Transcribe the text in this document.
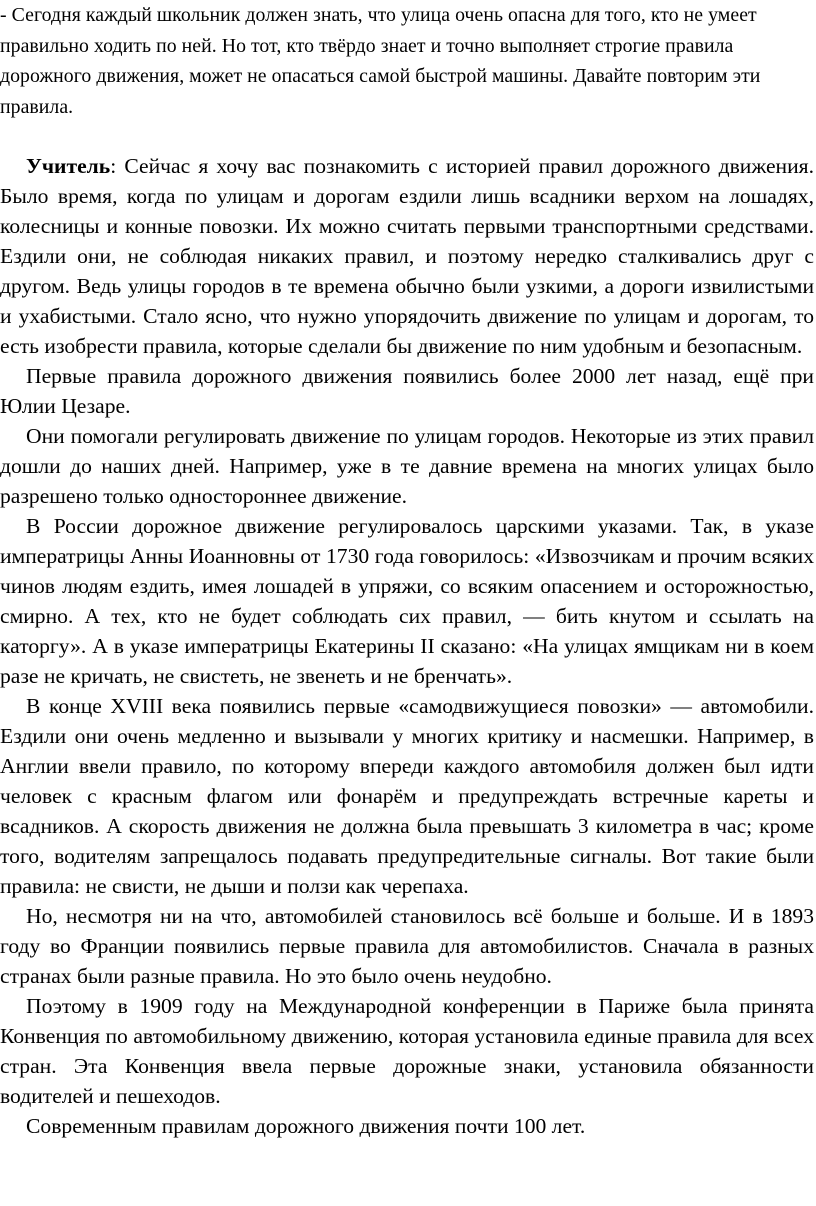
- Сегодня каждый школьник должен знать, что улица очень опасна для того, кто не умеет правильно ходить по ней. Но тот, кто твёрдо знает и точно выполняет строгие правила дорожного движения, может не опасаться самой быстрой машины. Давайте повторим эти правила.

Учитель: Сейчас я хочу вас познакомить с историей правил дорожного движения. Было время, когда по улицам и дорогам ездили лишь всадники верхом на лошадях, колесницы и конные повозки. Их можно считать первыми транспортными средствами. Ездили они, не соблюдая никаких правил, и поэтому нередко сталкивались друг с другом. Ведь улицы городов в те времена обычно были узкими, а дороги извилистыми и ухабистыми. Стало ясно, что нужно упорядочить движение по улицам и дорогам, то есть изобрести правила, которые сделали бы движение по ним удобным и безопасным.

Первые правила дорожного движения появились более 2000 лет назад, ещё при Юлии Цезаре.

Они помогали регулировать движение по улицам городов. Некоторые из этих правил дошли до наших дней. Например, уже в те давние времена на многих улицах было разрешено только одностороннее движение.

В России дорожное движение регулировалось царскими указами. Так, в указе императрицы Анны Иоанновны от 1730 года говорилось: «Извозчикам и прочим всяких чинов людям ездить, имея лошадей в упряжи, со всяким опасением и осторожностью, смирно. А тех, кто не будет соблюдать сих правил, — бить кнутом и ссылать на каторгу». А в указе императрицы Екатерины II сказано: «На улицах ямщикам ни в коем разе не кричать, не свистеть, не звенеть и не бренчать».

В конце XVIII века появились первые «самодвижущиеся повозки» — автомобили. Ездили они очень медленно и вызывали у многих критику и насмешки. Например, в Англии ввели правило, по которому впереди каждого автомобиля должен был идти человек с красным флагом или фонарём и предупреждать встречные кареты и всадников. А скорость движения не должна была превышать 3 километра в час; кроме того, водителям запрещалось подавать предупредительные сигналы. Вот такие были правила: не свисти, не дыши и ползи как черепаха.

Но, несмотря ни на что, автомобилей становилось всё больше и больше. И в 1893 году во Франции появились первые правила для автомобилистов. Сначала в разных странах были разные правила. Но это было очень неудобно.

Поэтому в 1909 году на Международной конференции в Париже была принята Конвенция по автомобильному движению, которая установила единые правила для всех стран. Эта Конвенция ввела первые дорожные знаки, установила обязанности водителей и пешеходов.

Современным правилам дорожного движения почти 100 лет.
